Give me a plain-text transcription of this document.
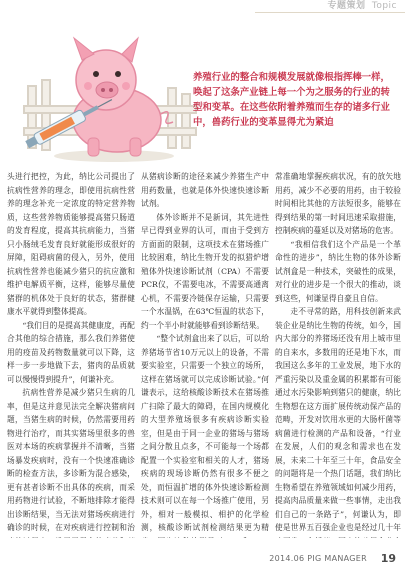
专题策划 Topic

养殖行业的整合和规模发展就像根指挥棒一样，唤起了这条产业链上每一个为之服务的行业的转型和变革。在这些依附着养殖而生存的诸多行业中，兽药行业的变革显得尤为紧迫

头进行把控，为此，纳比公司提出了抗病性营养的理念，即使用抗病性营养的理念补充一定浓度的特定营养物质，这些营养物质能够提高猪只肠道的发育程度，提高其抗病能力，当猪只小肠绒毛发育良好就能形成很好的屏障，阻碍病菌的侵入，另外，使用抗病性营养也能减少猪只的抗应激和维护电解质平衡，这样，能够尽量使猪群的机体处于良好的状态，猪群健康水平就得到整体提高。

“我们目的是提高其健康度，再配合其他的综合措施，那么我们养猪使用的疫苗及药物数量就可以下降，这样一步一步地做下去，猪肉的品质就可以慢慢得到提升”，何谦补充。

抗病性营养是减少猪只生病的几率，但是这并意见法完全解决猪病问题，当猪生病的时候，仍然需要用药物进行治疗，而其实猪场里很多的兽医对本场的疾病掌握并不清晰，当猪场暴发疾病时，没有一个快速准确诊断的检查方法，多诊断为混合感染，更有甚者诊断不出具体的疾病，而采用药物进行试验，不断地排除才能得出诊断结果，当无法对猪场疾病进行确诊的时候，在对疾病进行控制和治

从猪病诊断的途径来减少养猪生产中用药数量，也就是体外快速快速诊断试剂。

体外诊断并不是新词，其先进性早已得到业界的认可，而由于受到方方面面的限制，这项技术在猪场推广比较困难，纳比生物开发的拟猎炉增殖体外快速诊断试剂（CPA）不需要PCR仪，不需要电冰，不需要高通离心机，不需要冷链保存运输，只需要一个水温锅，在63℃恒温的状态下，约一个半小时就能够看到诊断结果。

“整个试剂盒出来了以后，可以给养猪场节省10万元以上的设备，不需要实验室，只需要一个独立的场所，这样在猪场就可以完成诊断试验。”何谦表示，这给核酸诊断技术在猪场推广扫除了最大的障碍，在国内规模化的大型养殖场很多有疾病诊断实验室，但是由于同一企业的猪场与猪场之间分散且点多，不可能每一个场都配置一个实验室和相关的人才，猪场疾病的现场诊断仍然有很多不便之处，而恒温扩增的体外快速诊断检测技术则可以在每一个场推广使用，另外，相对一般模拟、相护的化学检测，核酸诊断试剂检测结果更为精

常准确地掌握疾病状况，有的放矢地用药，减少不必要的用药，由于较验时间相比其他的方法短很多，能够在得到结果的第一时间迅速采取措施，控制疾病的蔓延以及对猪场的危害。

“我相信我们这个产品是一个革命性的进步”，纳比生物的体外诊断试剂盒是一种技术，突破性的成果，对行业的进步是一个很大的推动，谈到这些，何谦显得自豪且自信。

走不寻常的路，用科技创新来武装企业是纳比生物的传统，如今，国内大部分的养猪场还没有用上城市里的自来水，多数用的还是地下水，而我国这么多年的工业发展，地下水的严重污染以及重金属的积累都有可能通过水污染影响到猪只的健康，纳比生物想在这方面扩展传统动保产品的范畴，开发对饮用水更的大肠杆菌等病菌进行检测的产品和设备，“行业在发展，人们的观念和需求也在发展，未来二十年至三十年，食品安全的问题将是一个热门话题，我们纳比生物希望在养殖领域如何减少用药，提高肉品质量来做一些事情，走出我们自己的一条路子”，何谦认为，即使是世界五百强企业也是经过几十年

2014.06 PIG MANAGER 19
